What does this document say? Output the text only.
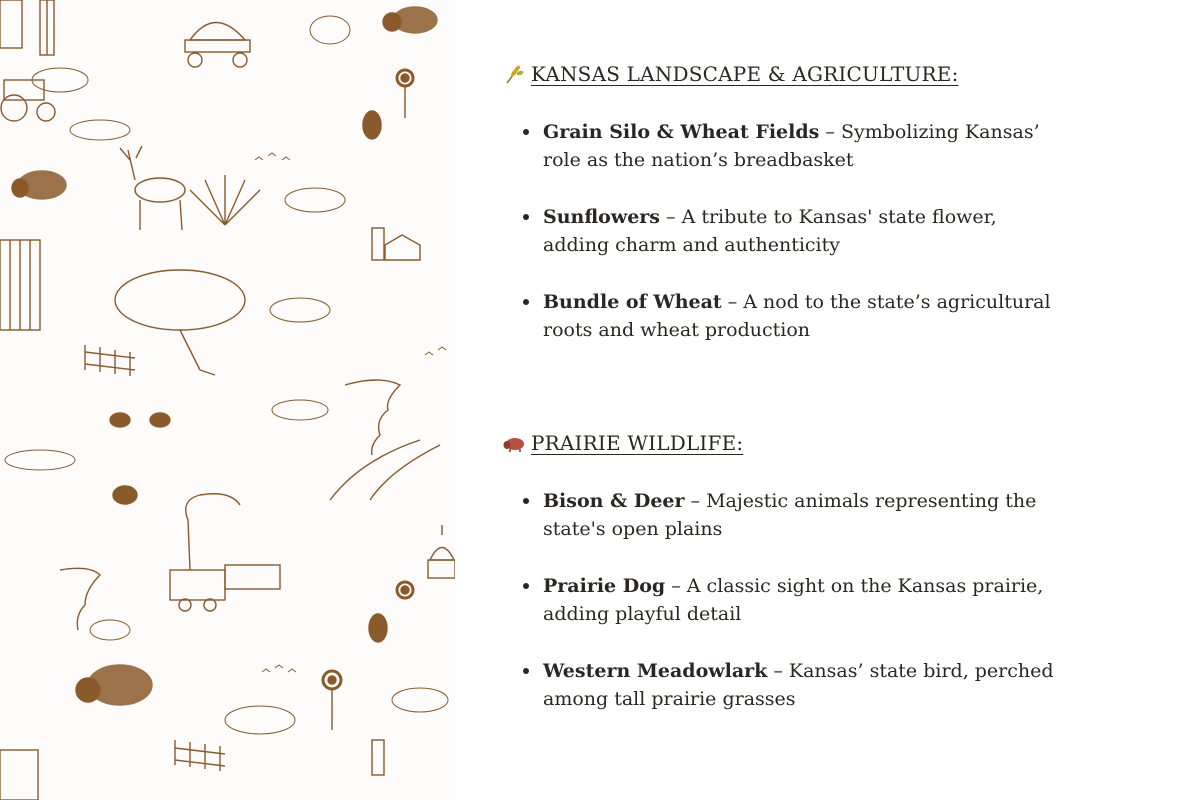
KANSAS LANDSCAPE & AGRICULTURE:
Grain Silo & Wheat Fields – Symbolizing Kansas’ role as the nation’s breadbasket
Sunflowers – A tribute to Kansas' state flower, adding charm and authenticity
Bundle of Wheat – A nod to the state’s agricultural roots and wheat production
PRAIRIE WILDLIFE:
Bison & Deer – Majestic animals representing the state's open plains
Prairie Dog – A classic sight on the Kansas prairie, adding playful detail
Western Meadowlark – Kansas’ state bird, perched among tall prairie grasses
